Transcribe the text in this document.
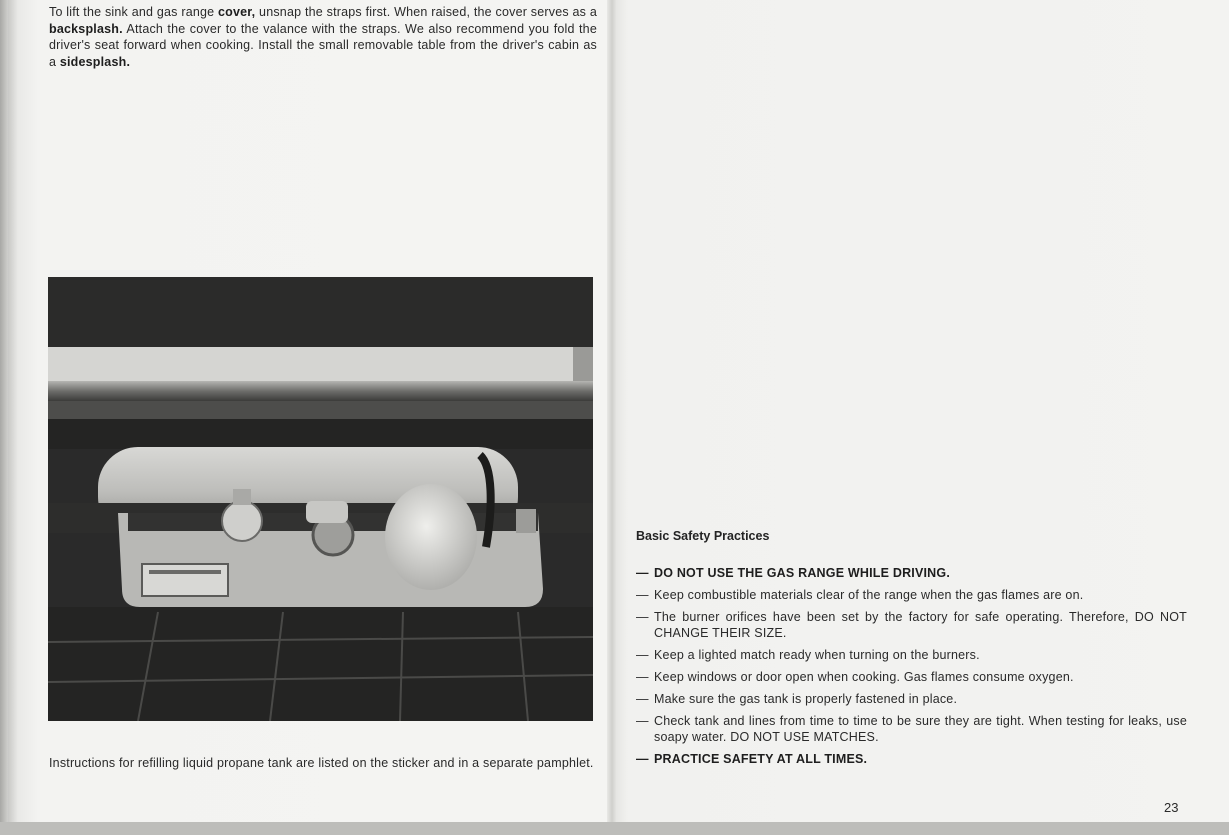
To lift the sink and gas range cover, unsnap the straps first. When raised, the cover serves as a backsplash. Attach the cover to the valance with the straps. We also recommend you fold the driver's seat forward when cooking. Install the small removable table from the driver's cabin as a sidesplash.

Instructions for refilling liquid propane tank are listed on the sticker and in a separate pamphlet.

Basic Safety Practices
— DO NOT USE THE GAS RANGE WHILE DRIVING.
— Keep combustible materials clear of the range when the gas flames are on.
— The burner orifices have been set by the factory for safe operating. Therefore, DO NOT CHANGE THEIR SIZE.
— Keep a lighted match ready when turning on the burners.
— Keep windows or door open when cooking. Gas flames consume oxygen.
— Make sure the gas tank is properly fastened in place.
— Check tank and lines from time to time to be sure they are tight. When testing for leaks, use soapy water. DO NOT USE MATCHES.
— PRACTICE SAFETY AT ALL TIMES.

23
